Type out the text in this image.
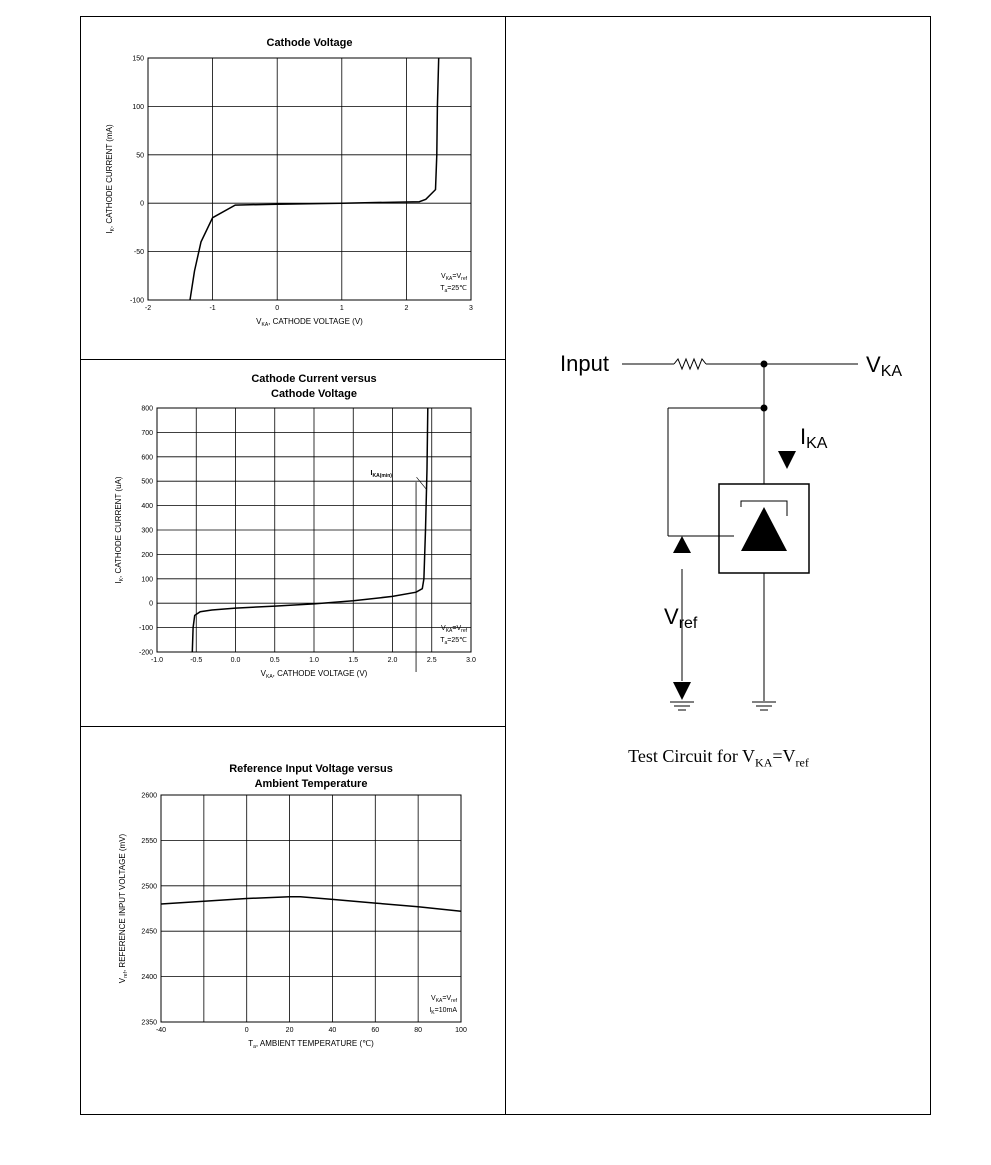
Cathode Voltage
-2	-1	0	1	2	3
-100
-50
0
50
100
150
$V_{KA}$, CATHODE VOLTAGE (V)
$I_K$, CATHODE CURRENT (mA)
$V_{KA}=V_{ref}$
$T_a=25℃$
Cathode Current versus
Cathode Voltage
-1.0	-0.5	0.0	0.5	1.0	1.5	2.0	2.5	3.0
-200
-100
0
100
200
300
400
500
600
700
800
$V_{KA}$, CATHODE VOLTAGE (V)
$I_K$, CATHODE CURRENT (uA)
$I_{KA(min)}$
$V_{KA}=V_{ref}$
$T_a=25℃$
Reference Input Voltage versus
Ambient Temperature
-40	0	20	40	60	80	100
2350
2400
2450
2500
2550
2600
$T_a$, AMBIENT TEMPERATURE (℃)
$V_{ref}$, REFERENCE INPUT VOLTAGE (mV)
$V_{KA}=V_{ref}$
$I_K=10mA$
Input	VKA
IKA
Vref
Test Circuit for $V_{KA}=V_{ref}$
